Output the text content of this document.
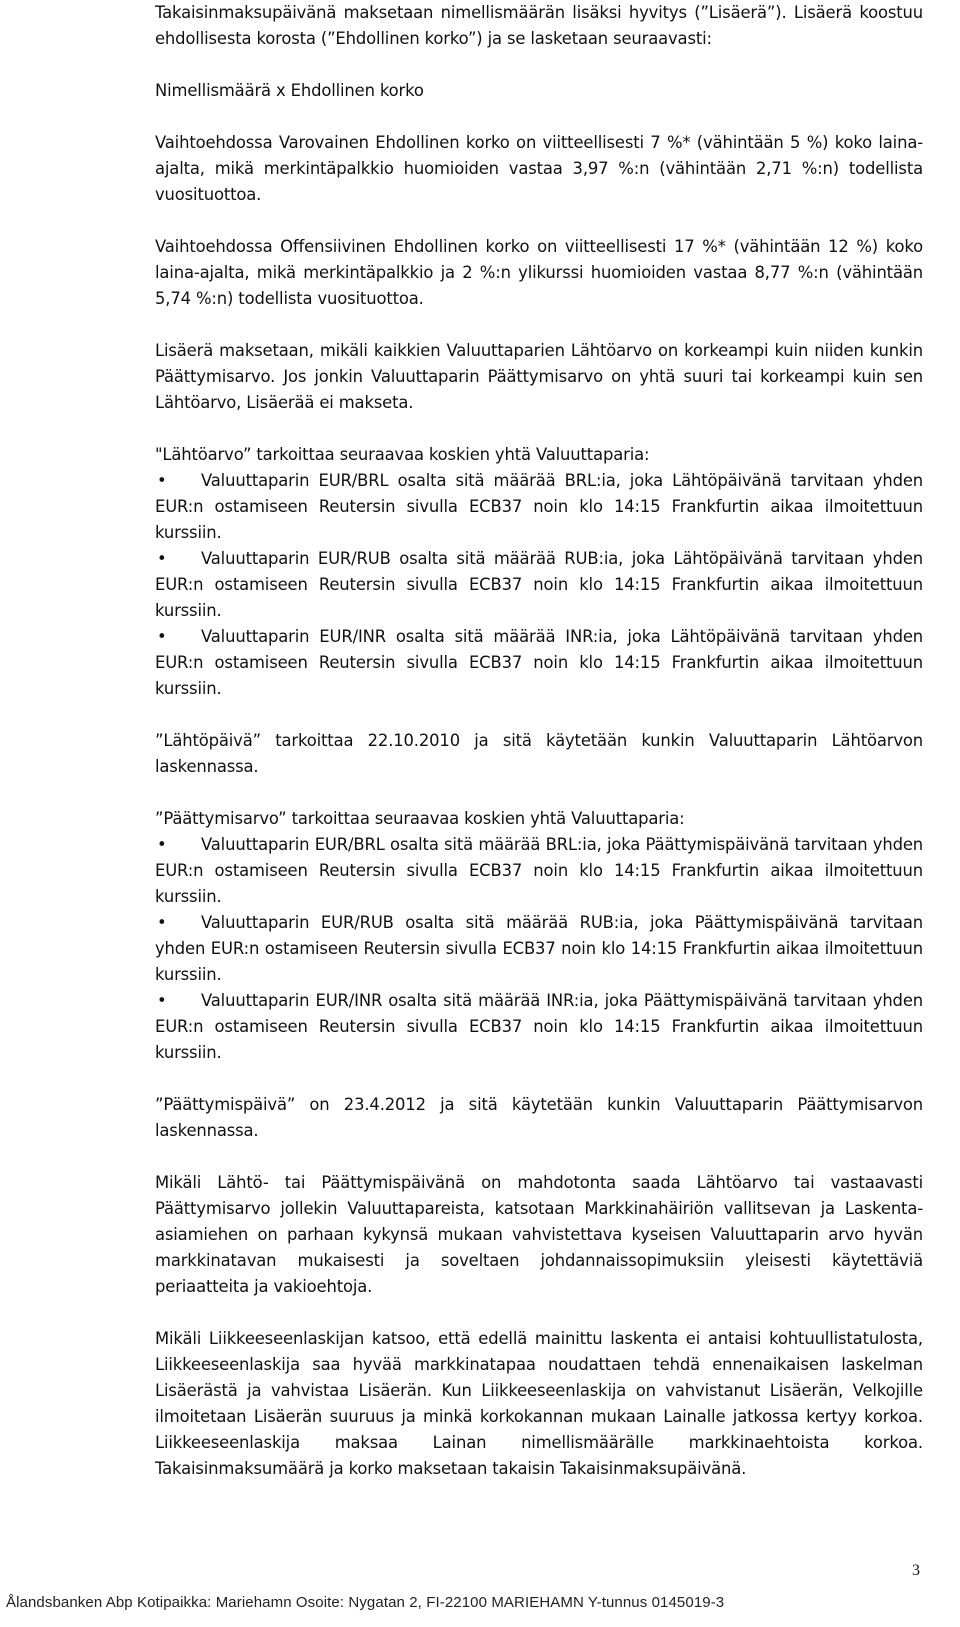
Takaisinmaksupäivänä maksetaan nimellismäärän lisäksi hyvitys (”Lisäerä”). Lisäerä koostuu ehdollisesta korosta (”Ehdollinen korko”) ja se lasketaan seuraavasti:

Nimellismäärä x Ehdollinen korko

Vaihtoehdossa Varovainen Ehdollinen korko on viitteellisesti 7 %* (vähintään 5 %) koko laina-ajalta, mikä merkintäpalkkio huomioiden vastaa 3,97 %:n (vähintään 2,71 %:n) todellista vuosituottoa.

Vaihtoehdossa Offensiivinen Ehdollinen korko on viitteellisesti 17 %* (vähintään 12 %) koko laina-ajalta, mikä merkintäpalkkio ja 2 %:n ylikurssi huomioiden vastaa 8,77 %:n (vähintään 5,74 %:n) todellista vuosituottoa.

Lisäerä maksetaan, mikäli kaikkien Valuuttaparien Lähtöarvo on korkeampi kuin niiden kunkin Päättymisarvo. Jos jonkin Valuuttaparin Päättymisarvo on yhtä suuri tai korkeampi kuin sen Lähtöarvo, Lisäerää ei makseta.

"Lähtöarvo” tarkoittaa seuraavaa koskien yhtä Valuuttaparia:

•	Valuuttaparin EUR/BRL osalta sitä määrää BRL:ia, joka Lähtöpäivänä tarvitaan yhden EUR:n ostamiseen Reutersin sivulla ECB37 noin klo 14:15 Frankfurtin aikaa ilmoitettuun kurssiin.
•	Valuuttaparin EUR/RUB osalta sitä määrää RUB:ia, joka Lähtöpäivänä tarvitaan yhden EUR:n ostamiseen Reutersin sivulla ECB37 noin klo 14:15 Frankfurtin aikaa ilmoitettuun kurssiin.
•	Valuuttaparin EUR/INR osalta sitä määrää INR:ia, joka Lähtöpäivänä tarvitaan yhden EUR:n ostamiseen Reutersin sivulla ECB37 noin klo 14:15 Frankfurtin aikaa ilmoitettuun kurssiin.

”Lähtöpäivä” tarkoittaa 22.10.2010 ja sitä käytetään kunkin Valuuttaparin Lähtöarvon laskennassa.

”Päättymisarvo” tarkoittaa seuraavaa koskien yhtä Valuuttaparia:

•	Valuuttaparin EUR/BRL osalta sitä määrää BRL:ia, joka Päättymispäivänä tarvitaan yhden EUR:n ostamiseen Reutersin sivulla ECB37 noin klo 14:15 Frankfurtin aikaa ilmoitettuun kurssiin.
•	Valuuttaparin EUR/RUB osalta sitä määrää RUB:ia, joka Päättymispäivänä tarvitaan yhden EUR:n ostamiseen Reutersin sivulla ECB37 noin klo 14:15 Frankfurtin aikaa ilmoitettuun kurssiin.
•	Valuuttaparin EUR/INR osalta sitä määrää INR:ia, joka Päättymispäivänä tarvitaan yhden EUR:n ostamiseen Reutersin sivulla ECB37 noin klo 14:15 Frankfurtin aikaa ilmoitettuun kurssiin.

”Päättymispäivä” on 23.4.2012 ja sitä käytetään kunkin Valuuttaparin Päättymisarvon laskennassa.

Mikäli Lähtö- tai Päättymispäivänä on mahdotonta saada Lähtöarvo tai vastaavasti Päättymisarvo jollekin Valuuttapareista, katsotaan Markkinahäiriön vallitsevan ja Laskenta-asiamiehen on parhaan kykynsä mukaan vahvistettava kyseisen Valuuttaparin arvo hyvän markkinatavan mukaisesti ja soveltaen johdannaissopimuksiin yleisesti käytettäviä periaatteita ja vakioehtoja.

Mikäli Liikkeeseenlaskijan katsoo, että edellä mainittu laskenta ei antaisi kohtuullistatulosta, Liikkeeseenlaskija saa hyvää markkinatapaa noudattaen tehdä ennenaikaisen laskelman Lisäerästä ja vahvistaa Lisäerän. Kun Liikkeeseenlaskija on vahvistanut Lisäerän, Velkojille ilmoitetaan Lisäerän suuruus ja minkä korkokannan mukaan Lainalle jatkossa kertyy korkoa. Liikkeeseenlaskija maksaa Lainan nimellismäärälle markkinaehtoista korkoa. Takaisinmaksumäärä ja korko maksetaan takaisin Takaisinmaksupäivänä.

3
Ålandsbanken Abp Kotipaikka: Mariehamn Osoite: Nygatan 2, FI-22100 MARIEHAMN Y-tunnus 0145019-3
